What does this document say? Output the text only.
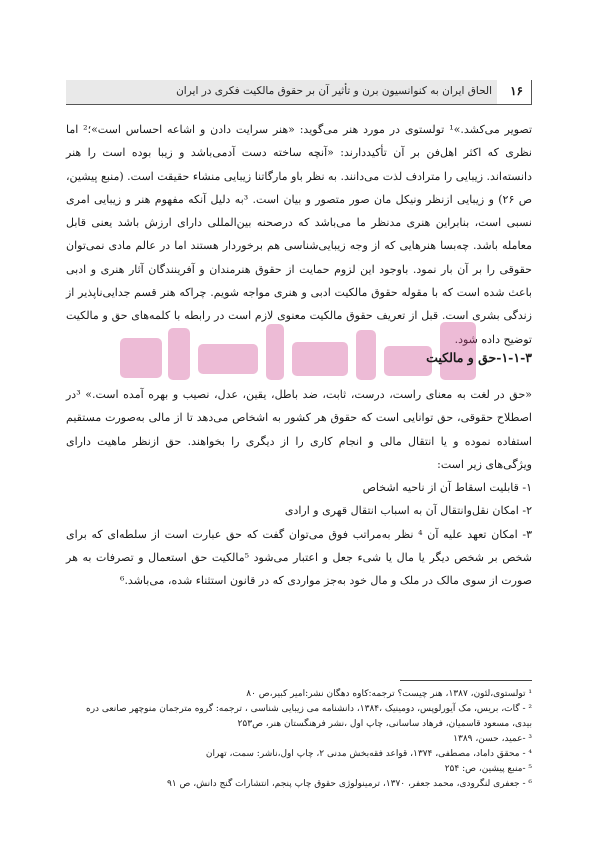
الحاق ایران به کنوانسیون برن و تأثیر آن بر حقوق مالکیت فکری در ایران ۱۶

تصویر می‌کشد.»¹ تولستوی در مورد هنر می‌گوید: «هنر سرایت دادن و اشاعه احساس است»؛² اما نظری که اکثر اهل‌فن بر آن تأکیددارند: «آنچه ساخته دست آدمی‌باشد و زیبا بوده است را هنر دانسته‌اند. زیبایی را مترادف لذت می‌دانند. به نظر باو مارگاتنا زیبایی منشاء حقیقت است. (منبع پیشین، ص ۲۶) و زیبایی ازنظر ونیکل مان صور متصور و بیان است. ³به دلیل آنکه مفهوم هنر و زیبایی امری نسبی است، بنابراین هنری مدنظر ما می‌باشد که درصحنه بین‌المللی دارای ارزش باشد یعنی قابل معامله باشد. چه‌بسا هنرهایی که از وجه زیبایی‌شناسی هم برخوردار هستند اما در عالم مادی نمی‌توان حقوقی را بر آن بار نمود. باوجود این لزوم حمایت از حقوق هنرمندان و آفرینندگان آثار هنری و ادبی باعث شده است که با مقوله حقوق مالکیت ادبی و هنری مواجه شویم. چراکه هنر قسم جدایی‌ناپذیر از زندگی بشری است. قبل از تعریف حقوق مالکیت معنوی لازم است در رابطه با کلمه‌های حق و مالکیت توضیح داده شود.

۱-۱-۳-حق و مالکیت

«حق در لغت به معنای راست، درست، ثابت، ضد باطل، یقین، عدل، نصیب و بهره آمده است.» ³در اصطلاح حقوقی، حق توانایی است که حقوق هر کشور به اشخاص می‌دهد تا از مالی به‌صورت مستقیم استفاده نموده و یا انتقال مالی و انجام کاری را از دیگری را بخواهند. حق ازنظر ماهیت دارای ویژگی‌های زیر است:

۱- قابلیت اسقاط آن از ناحیه اشخاص

۲- امکان نقل‌وانتقال آن به اسباب انتقال قهری و ارادی

۳- امکان تعهد علیه آن ⁴ نظر به‌مراتب فوق می‌توان گفت که حق عبارت است از سلطه‌ای که برای شخص بر شخص دیگر یا مال یا شیء جعل و اعتبار می‌شود ⁵مالکیت حق استعمال و تصرفات به هر صورت از سوی مالک در ملک و مال خود به‌جز مواردی که در قانون استثناء شده، می‌باشد.⁶

¹ تولستوی،لئون، ۱۳۸۷، هنر چیست؟ ترجمه:کاوه دهگان نشر:امیر کبیر،ص ۸۰

² - گات، بریس، مک آیورلوپس، دومینیک ،۱۳۸۴، دانشنامه می زیبایی شناسی ، ترجمه: گروه مترجمان منوچهر صانعی دره بیدی، مسعود قاسمیان، فرهاد ساسانی، چاپ اول ،نشر فرهنگستان هنر، ص۲۵۳

³ -عمید، حسن، ۱۳۸۹

⁴ - محقق داماد، مصطفی، ۱۳۷۴، قواعد فقه‌بخش مدنی ۲، چاپ اول،ناشر: سمت، تهران

⁵ -منبع پیشین، ص: ۲۵۴

⁶ - جعفری لنگرودی، محمد جعفر، ۱۳۷۰، ترمینولوژی حقوق چاپ پنجم، انتشارات گنج دانش، ص ۹۱
